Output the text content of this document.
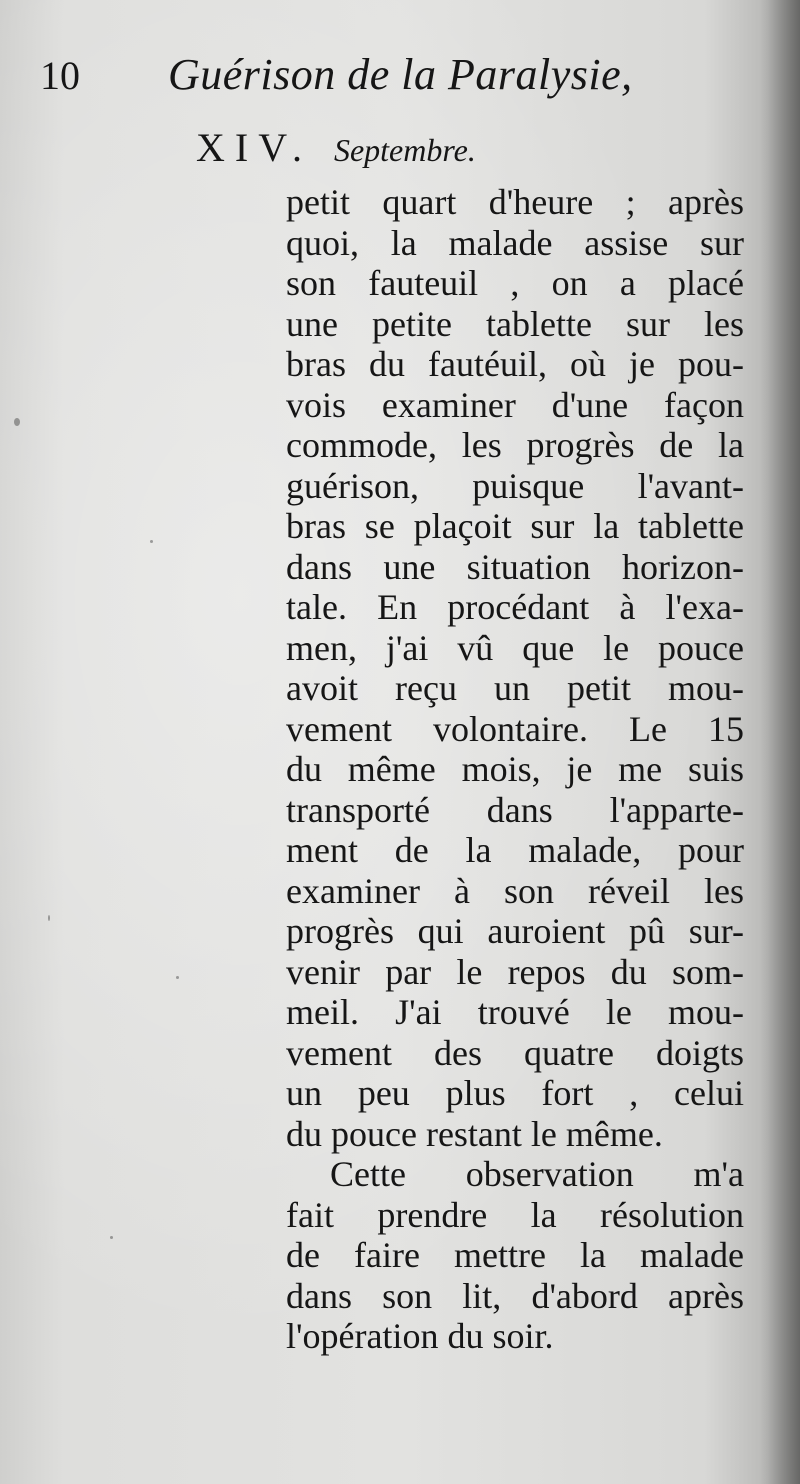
10 Guérison de la Paralysie,
XIV. Septembre.
petit quart d'heure ; après
quoi, la malade assise sur
son fauteuil , on a placé
une petite tablette sur les
bras du fautéuil, où je pou-
vois examiner d'une façon
commode, les progrès de la
guérison, puisque l'avant-
bras se plaçoit sur la tablette
dans une situation horizon-
tale. En procédant à l'exa-
men, j'ai vû que le pouce
avoit reçu un petit mou-
vement volontaire. Le 15
du même mois, je me suis
transporté dans l'apparte-
ment de la malade, pour
examiner à son réveil les
progrès qui auroient pû sur-
venir par le repos du som-
meil. J'ai trouvé le mou-
vement des quatre doigts
un peu plus fort , celui
du pouce restant le même.
Cette observation m'a
fait prendre la résolution
de faire mettre la malade
dans son lit, d'abord après
l'opération du soir.
